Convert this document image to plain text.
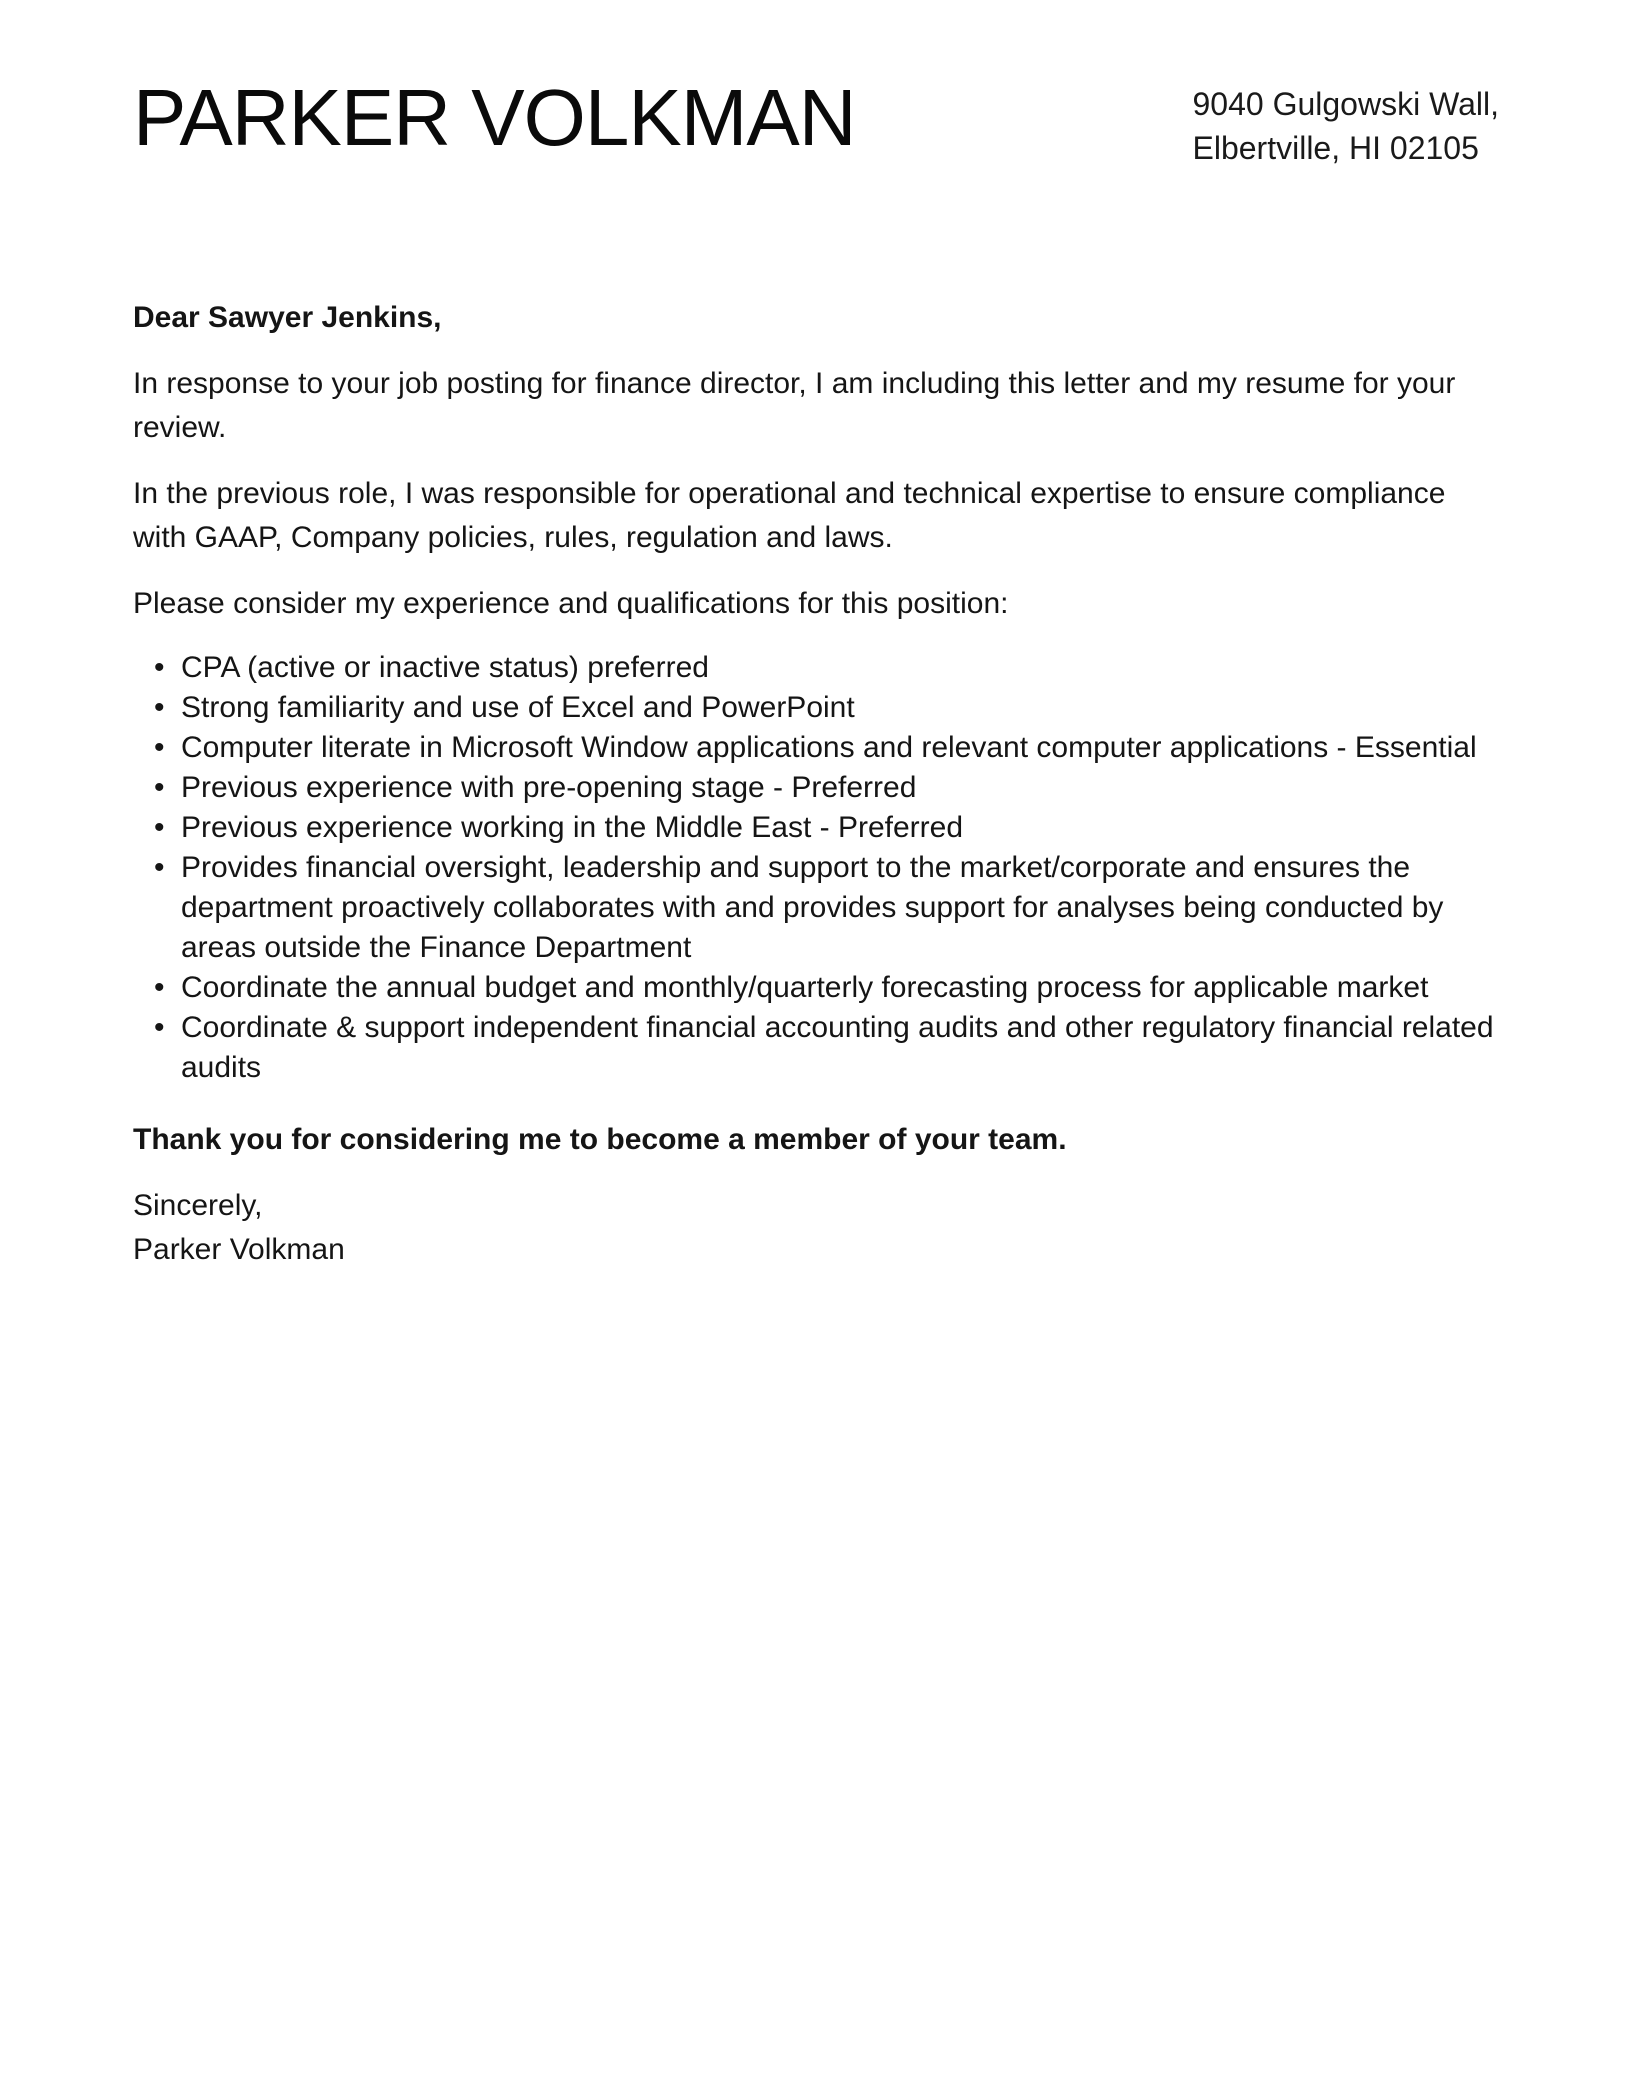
PARKER VOLKMAN	9040 Gulgowski Wall,
Elbertville, HI 02105

Dear Sawyer Jenkins,

In response to your job posting for finance director, I am including this letter and my resume for your review.

In the previous role, I was responsible for operational and technical expertise to ensure compliance with GAAP, Company policies, rules, regulation and laws.

Please consider my experience and qualifications for this position:

• CPA (active or inactive status) preferred
• Strong familiarity and use of Excel and PowerPoint
• Computer literate in Microsoft Window applications and relevant computer applications - Essential
• Previous experience with pre-opening stage - Preferred
• Previous experience working in the Middle East - Preferred
• Provides financial oversight, leadership and support to the market/corporate and ensures the department proactively collaborates with and provides support for analyses being conducted by areas outside the Finance Department
• Coordinate the annual budget and monthly/quarterly forecasting process for applicable market
• Coordinate & support independent financial accounting audits and other regulatory financial related audits

Thank you for considering me to become a member of your team.

Sincerely,
Parker Volkman
